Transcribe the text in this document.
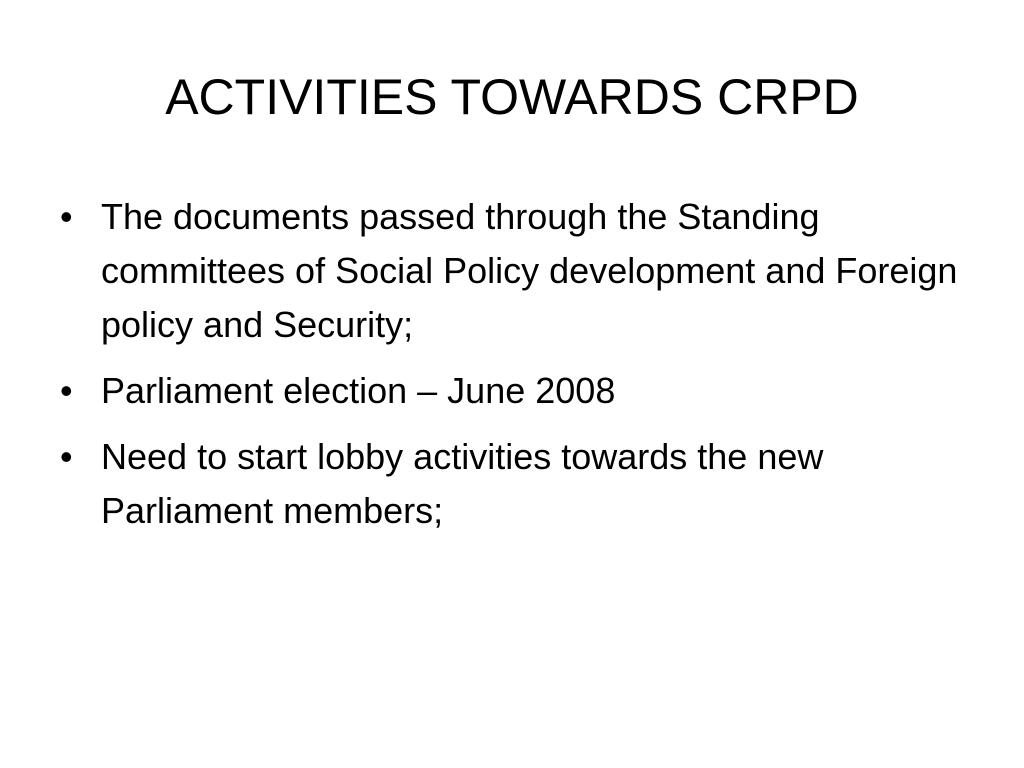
ACTIVITIES TOWARDS CRPD
• The documents passed through the Standing committees of Social Policy development and Foreign policy and Security;
• Parliament election – June 2008
• Need to start lobby activities towards the new Parliament members;
